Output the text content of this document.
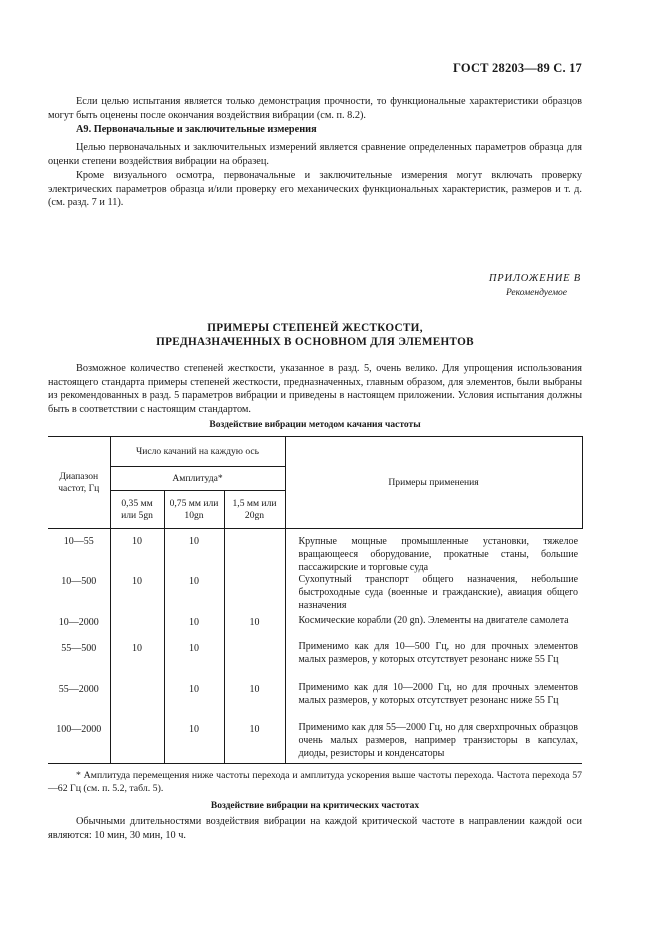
ГОСТ 28203—89 С. 17

Если целью испытания является только демонстрация прочности, то функциональные характеристики образцов могут быть оценены после окончания воздействия вибрации (см. п. 8.2).

А9. Первоначальные и заключительные измерения

Целью первоначальных и заключительных измерений является сравнение определенных параметров образца для оценки степени воздействия вибрации на образец.

Кроме визуального осмотра, первоначальные и заключительные измерения могут включать проверку электрических параметров образца и/или проверку его механических функциональных характеристик, размеров и т. д. (см. разд. 7 и 11).

ПРИЛОЖЕНИЕ В
Рекомендуемое
ПРИМЕРЫ СТЕПЕНЕЙ ЖЕСТКОСТИ,
ПРЕДНАЗНАЧЕННЫХ В ОСНОВНОМ ДЛЯ ЭЛЕМЕНТОВ

Возможное количество степеней жесткости, указанное в разд. 5, очень велико. Для упрощения использования настоящего стандарта примеры степеней жесткости, предназначенных, главным образом, для элементов, были выбраны из рекомендованных в разд. 5 параметров вибрации и приведены в настоящем приложении. Условия испытания должны быть в соответствии с настоящим стандартом.

Воздействие вибрации методом качания частоты
Диапазон частот, Гц	Число качаний на каждую ось			Примеры применения
	Амплитуда*			
	0,35 мм или 5gn	0,75 мм или 10gn	1,5 мм или 20gn	
10—55	10	10		Крупные мощные промышленные установки, тяжелое вращающееся оборудование, прокатные станы, большие пассажирские и торговые суда
10—500	10	10		Сухопутный транспорт общего назначения, небольшие быстроходные суда (военные и гражданские), авиация общего назначения
10—2000		10	10	Космические корабли (20 gn). Элементы на двигателе самолета
55—500	10	10		Применимо как для 10—500 Гц, но для прочных элементов малых размеров, у которых отсутствует резонанс ниже 55 Гц
55—2000		10	10	Применимо как для 10—2000 Гц, но для прочных элементов малых размеров, у которых отсутствует резонанс ниже 55 Гц
100—2000		10	10	Применимо как для 55—2000 Гц, но для сверхпрочных образцов очень малых размеров, например транзисторы в капсулах, диоды, резисторы и конденсаторы

* Амплитуда перемещения ниже частоты перехода и амплитуда ускорения выше частоты перехода. Частота перехода 57—62 Гц (см. п. 5.2, табл. 5).

Воздействие вибрации на критических частотах

Обычными длительностями воздействия вибрации на каждой критической частоте в направлении каждой оси являются: 10 мин, 30 мин, 10 ч.
